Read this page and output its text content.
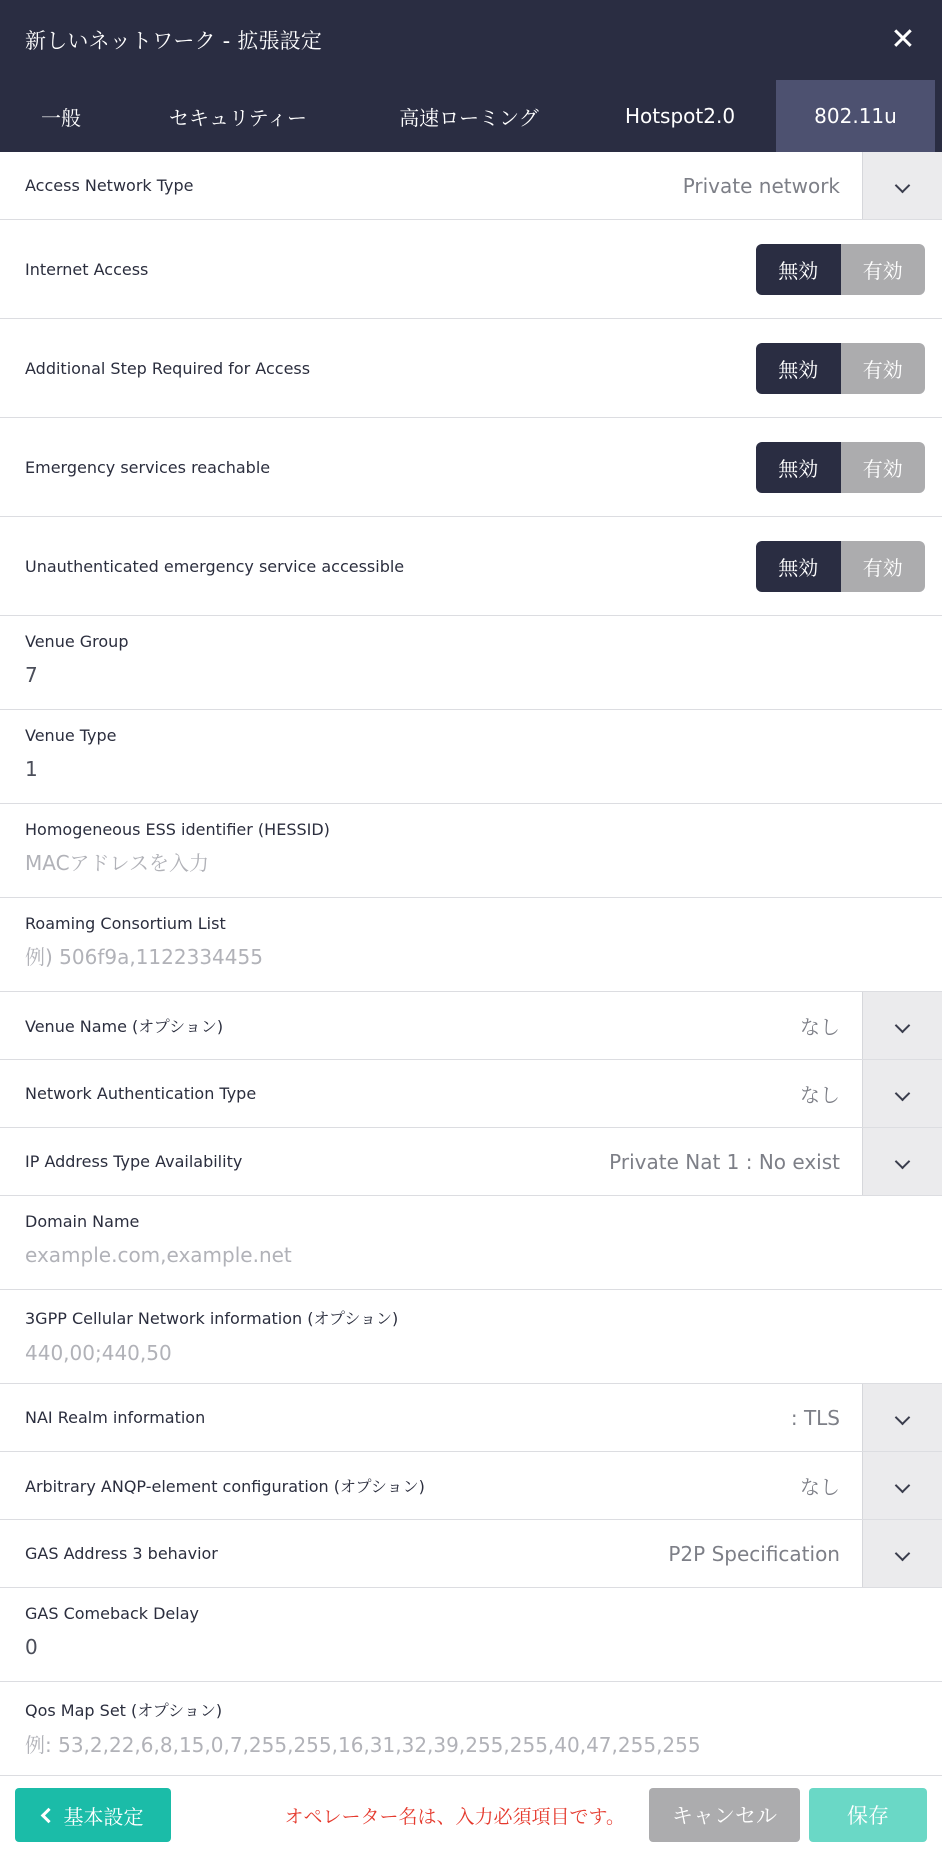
新しいネットワーク - 拡張設定	✕
一般	セキュリティー	高速ローミング	Hotspot2.0	802.11u
Access Network Type	Private network
Internet Access	無効	有効
Additional Step Required for Access	無効	有効
Emergency services reachable	無効	有効
Unauthenticated emergency service accessible	無効	有効
Venue Group
7
Venue Type
1
Homogeneous ESS identifier (HESSID)
MACアドレスを入力
Roaming Consortium List
例) 506f9a,1122334455
Venue Name (オプション)	なし
Network Authentication Type	なし
IP Address Type Availability	Private Nat 1 : No exist
Domain Name
example.com,example.net
3GPP Cellular Network information (オプション)
440,00;440,50
NAI Realm information	: TLS
Arbitrary ANQP-element configuration (オプション)	なし
GAS Address 3 behavior	P2P Specification
GAS Comeback Delay
0
Qos Map Set (オプション)
例: 53,2,22,6,8,15,0,7,255,255,16,31,32,39,255,255,40,47,255,255
基本設定	オペレーター名は、入力必須項目です。	キャンセル	保存
